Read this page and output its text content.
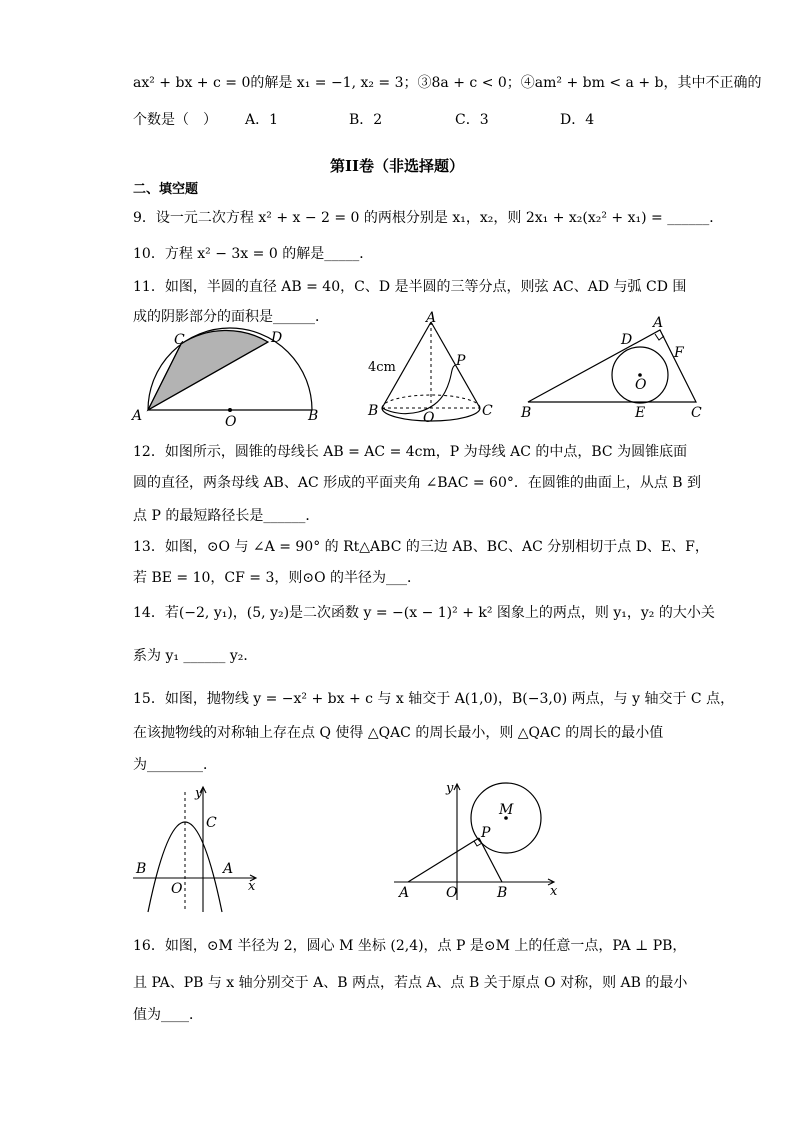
ax² + bx + c = 0的解是 x₁ = −1, x₂ = 3；③8a + c < 0；④am² + bm < a + b，其中不正确的
个数是（　） A．1	B．2	C．3	D．4
第II卷（非选择题）
二、填空题
9．设一元二次方程 x² + x − 2 = 0 的两根分别是 x₁，x₂，则 2x₁ + x₂(x₂² + x₁) = ______．
10．方程 x² − 3x = 0 的解是_____．
11．如图，半圆的直径 AB = 40，C、D 是半圆的三等分点，则弦 AC、AD 与弧 CD 围
成的阴影部分的面积是______．
A	B
C	D
O
A
B	C
P
O
4cm
B	C
A
D
E
F
O
12．如图所示，圆锥的母线长 AB = AC = 4cm，P 为母线 AC 的中点，BC 为圆锥底面
圆的直径，两条母线 AB、AC 形成的平面夹角 ∠BAC = 60°．在圆锥的曲面上，从点 B 到
点 P 的最短路径长是______．
13．如图，⊙O 与 ∠A = 90° 的 Rt△ABC 的三边 AB、BC、AC 分别相切于点 D、E、F，
若 BE = 10，CF = 3，则⊙O 的半径为___．
14．若(−2, y₁)，(5, y₂)是二次函数 y = −(x − 1)² + k² 图象上的两点，则 y₁，y₂ 的大小关
系为 y₁ ______ y₂．
15．如图，抛物线 y = −x² + bx + c 与 x 轴交于 A(1,0)，B(−3,0) 两点，与 y 轴交于 C 点，
在该抛物线的对称轴上存在点 Q 使得 △QAC 的周长最小，则 △QAC 的周长的最小值
为________．
y
x
C
B	A
O
y
x
M
P
A	O	B
16．如图，⊙M 半径为 2，圆心 M 坐标 (2,4)，点 P 是⊙M 上的任意一点，PA ⊥ PB，
且 PA、PB 与 x 轴分别交于 A、B 两点，若点 A、点 B 关于原点 O 对称，则 AB 的最小
值为____．
